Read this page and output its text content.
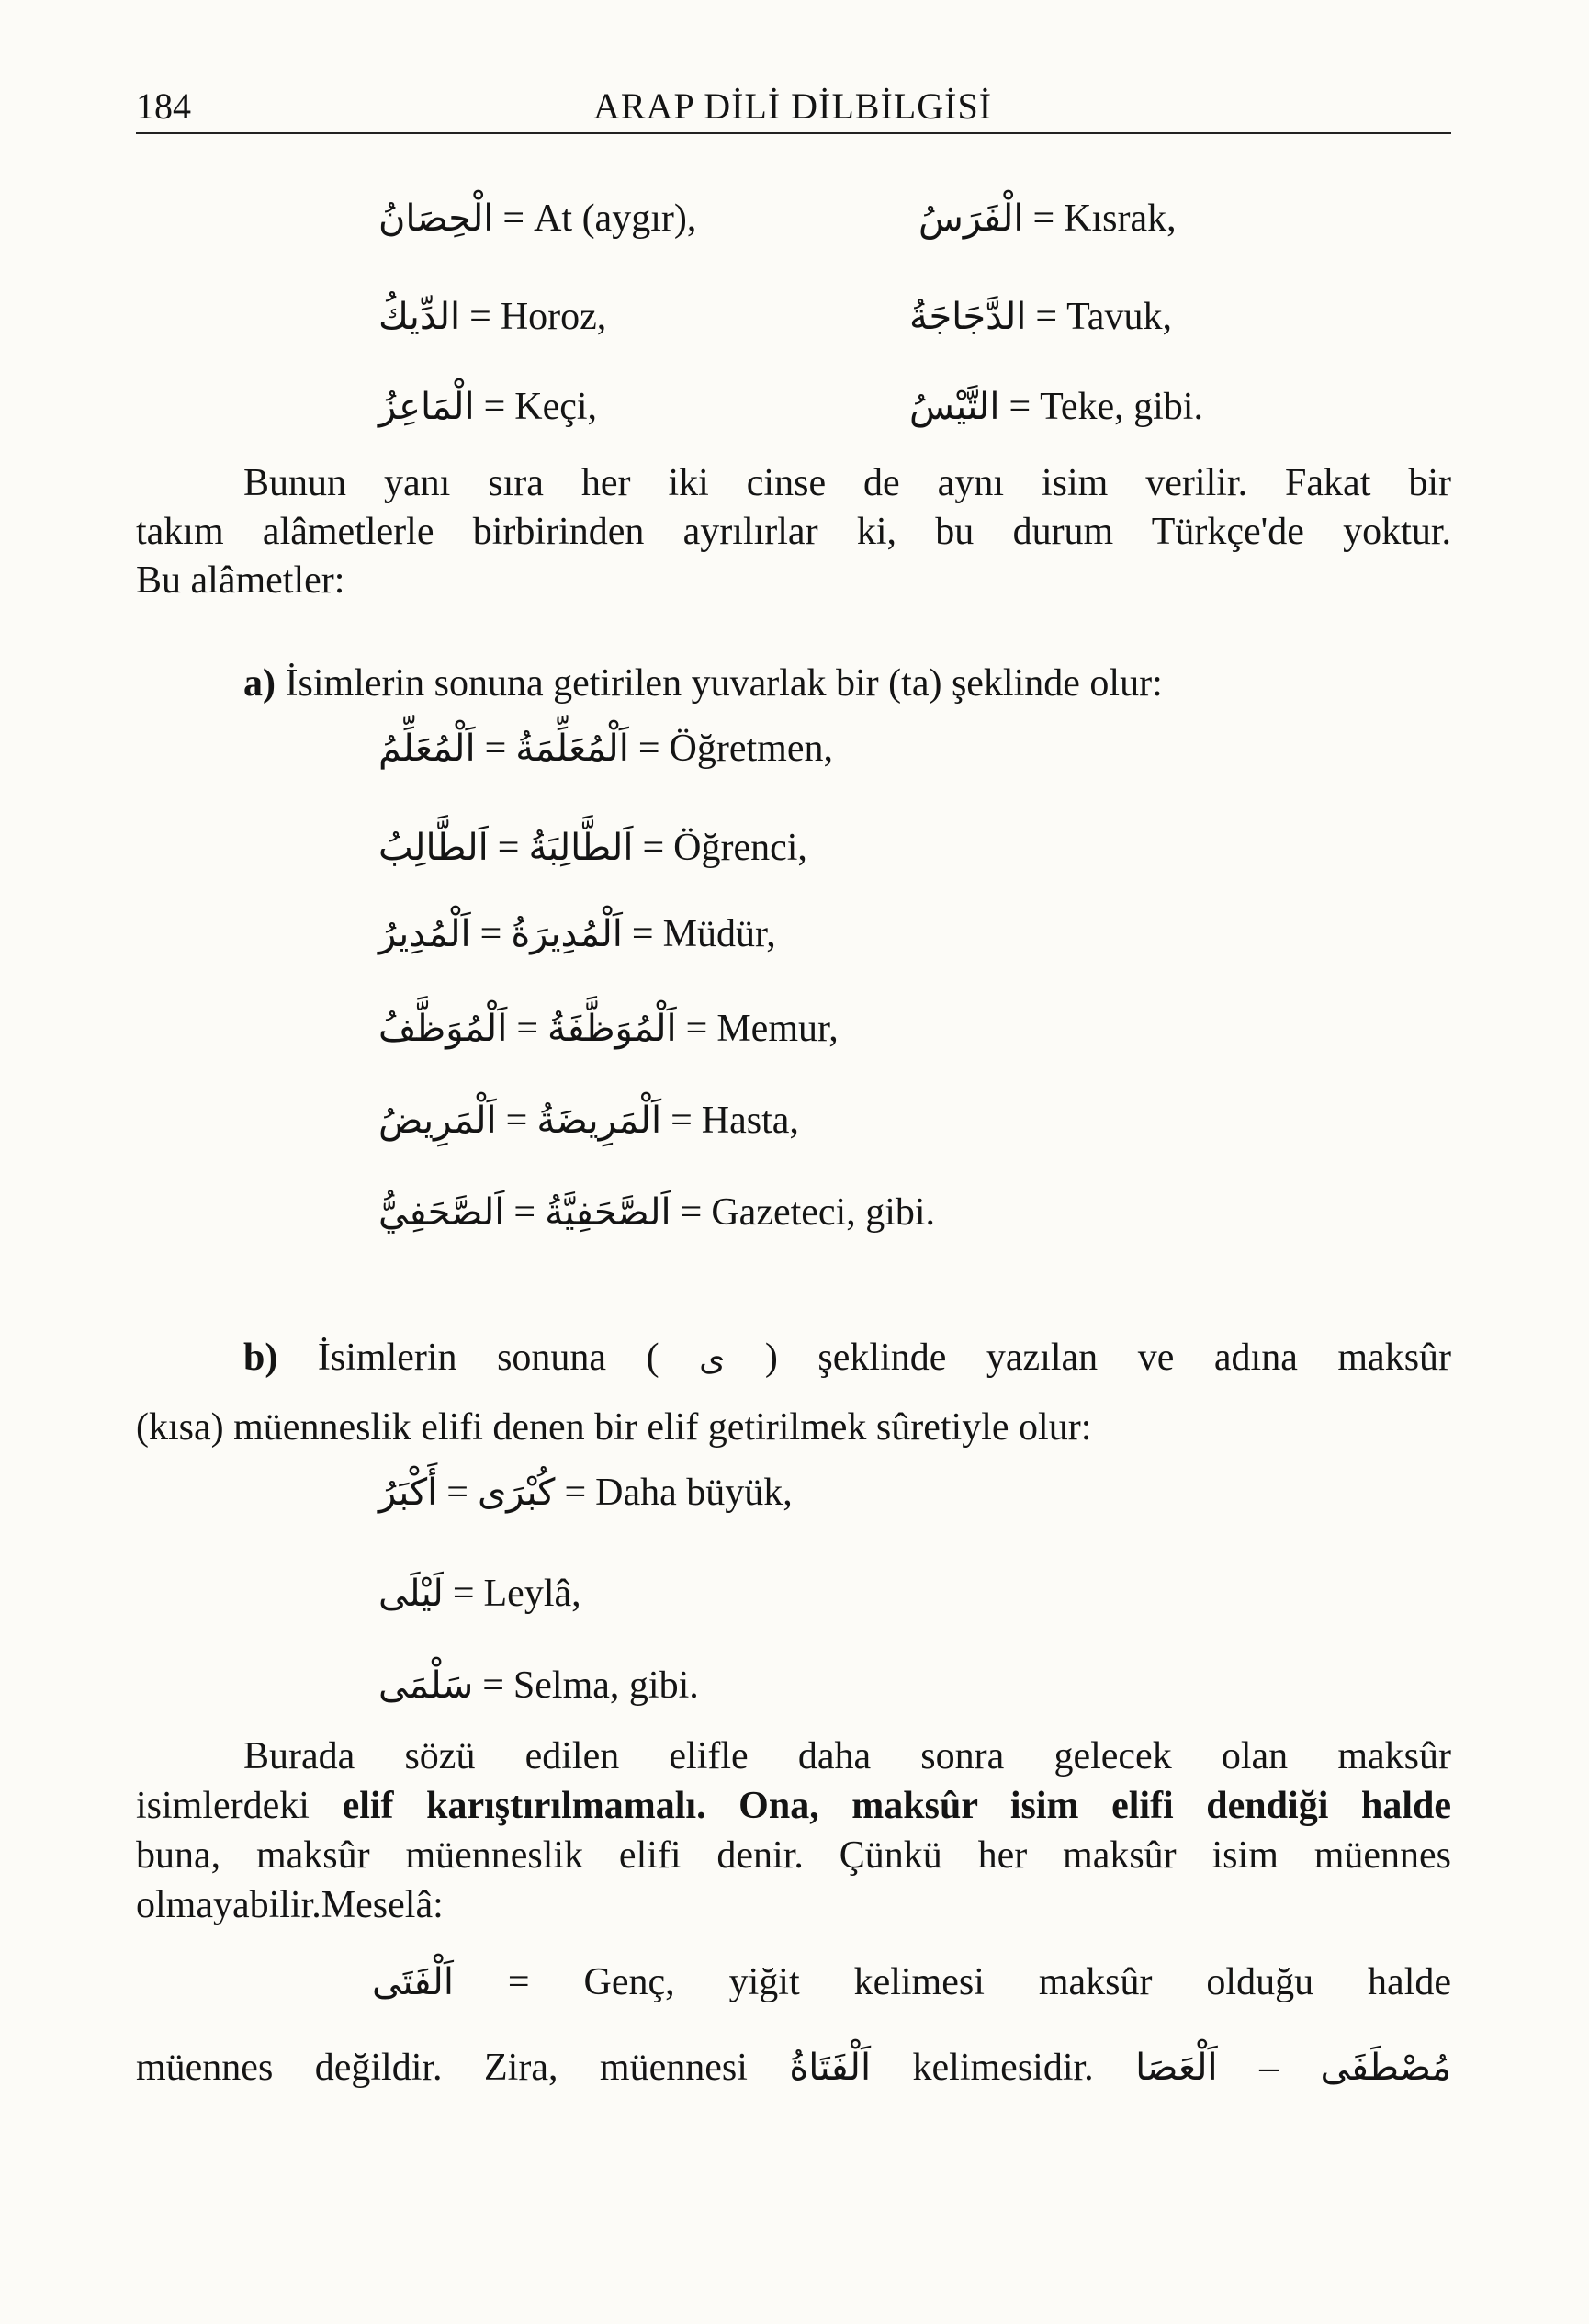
184	ARAP DİLİ DİLBİLGİSİ
الْحِصَانُ = At (aygır),	الْفَرَسُ = Kısrak,
الدِّيكُ = Horoz,	الدَّجَاجَةُ = Tavuk,
الْمَاعِزُ = Keçi,	التَّيْسُ = Teke, gibi.
Bunun yanı sıra her iki cinse de aynı isim verilir. Fakat bir
takım alâmetlerle birbirinden ayrılırlar ki, bu durum Türkçe'de yoktur.
Bu alâmetler:
a) İsimlerin sonuna getirilen yuvarlak bir (ta) şeklinde olur:
اَلْمُعَلِّمُ = اَلْمُعَلِّمَةُ = Öğretmen,
اَلطَّالِبُ = اَلطَّالِبَةُ = Öğrenci,
اَلْمُدِيرُ = اَلْمُدِيرَةُ = Müdür,
اَلْمُوَظَّفُ = اَلْمُوَظَّفَةُ = Memur,
اَلْمَرِيضُ = اَلْمَرِيضَةُ = Hasta,
اَلصَّحَفِيُّ = اَلصَّحَفِيَّةُ = Gazeteci, gibi.
b) İsimlerin sonuna ( ى ) şeklinde yazılan ve adına maksûr
(kısa) müenneslik elifi denen bir elif getirilmek sûretiyle olur:
أَكْبَرُ = كُبْرَى = Daha büyük,
لَيْلَى = Leylâ,
سَلْمَى = Selma, gibi.
Burada sözü edilen elifle daha sonra gelecek olan maksûr
isimlerdeki elif karıştırılmamalı. Ona, maksûr isim elifi dendiği halde
buna, maksûr müenneslik elifi denir. Çünkü her maksûr isim müennes
olmayabilir.Meselâ:
اَلْفَتَى = Genç, yiğit kelimesi maksûr olduğu halde
müennes değildir. Zira, müennesi اَلْفَتَاةُ kelimesidir. اَلْعَصَا – مُصْطَفَى
